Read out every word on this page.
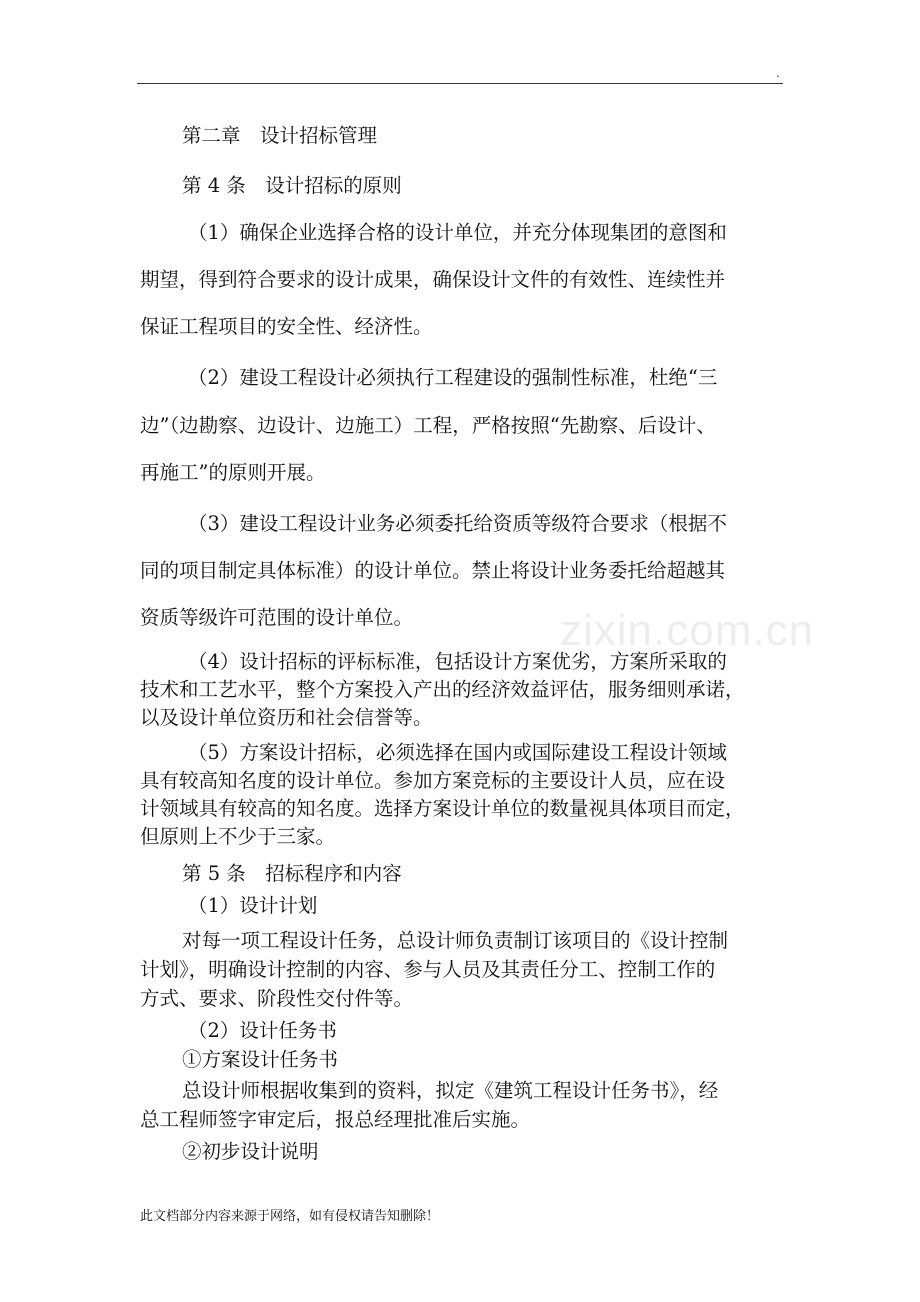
.
zixin.com.cn
第二章　设计招标管理
第 4 条　设计招标的原则
（1）确保企业选择合格的设计单位，并充分体现集团的意图和
期望，得到符合要求的设计成果，确保设计文件的有效性、连续性并
保证工程项目的安全性、经济性。
（2）建设工程设计必须执行工程建设的强制性标准，杜绝“三
边”（边勘察、边设计、边施工）工程，严格按照“先勘察、后设计、
再施工”的原则开展。
（3）建设工程设计业务必须委托给资质等级符合要求（根据不
同的项目制定具体标准）的设计单位。禁止将设计业务委托给超越其
资质等级许可范围的设计单位。
（4）设计招标的评标标准，包括设计方案优劣，方案所采取的
技术和工艺水平，整个方案投入产出的经济效益评估，服务细则承诺，
以及设计单位资历和社会信誉等。
（5）方案设计招标，必须选择在国内或国际建设工程设计领域
具有较高知名度的设计单位。参加方案竞标的主要设计人员，应在设
计领域具有较高的知名度。选择方案设计单位的数量视具体项目而定，
但原则上不少于三家。
第 5 条　招标程序和内容
（1）设计计划
对每一项工程设计任务，总设计师负责制订该项目的《设计控制
计划》，明确设计控制的内容、参与人员及其责任分工、控制工作的
方式、要求、阶段性交付件等。
（2）设计任务书
①方案设计任务书
总设计师根据收集到的资料，拟定《建筑工程设计任务书》，经
总工程师签字审定后，报总经理批准后实施。
②初步设计说明
此文档部分内容来源于网络，如有侵权请告知删除！
